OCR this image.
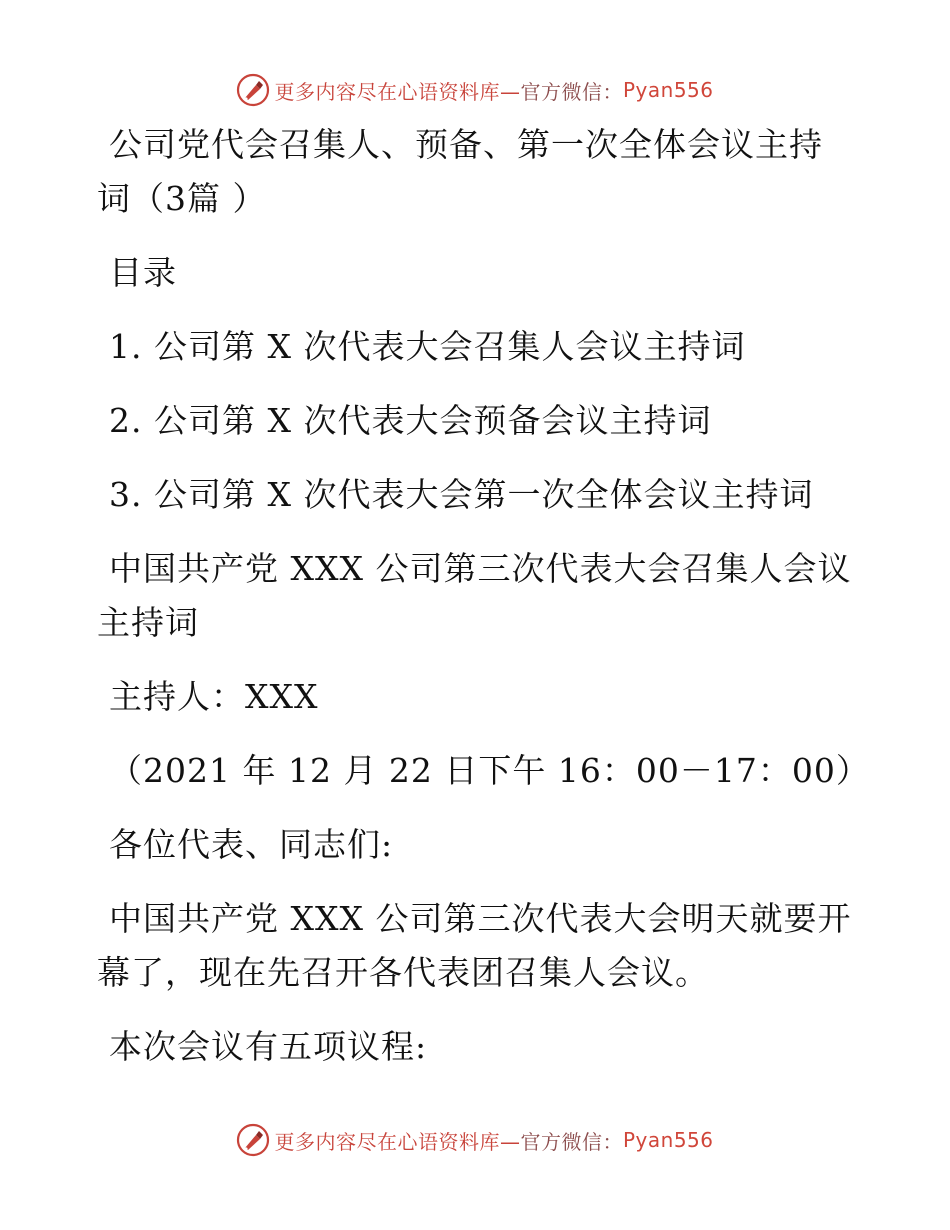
更多内容尽在心语资料库— 官方微信： Pyan556
公司党代会召集人、预备、第一次全体会议主持
词（3篇 ）
目录
1. 公司第 X 次代表大会召集人会议主持词
2. 公司第 X 次代表大会预备会议主持词
3. 公司第 X 次代表大会第一次全体会议主持词
中国共产党 XXX 公司第三次代表大会召集人会议
主持词
主持人：XXX
（2021 年 12 月 22 日下午 16：00－17：00）
各位代表、同志们:
中国共产党 XXX 公司第三次代表大会明天就要开
幕了，现在先召开各代表团召集人会议。
本次会议有五项议程:
更多内容尽在心语资料库— 官方微信： Pyan556
